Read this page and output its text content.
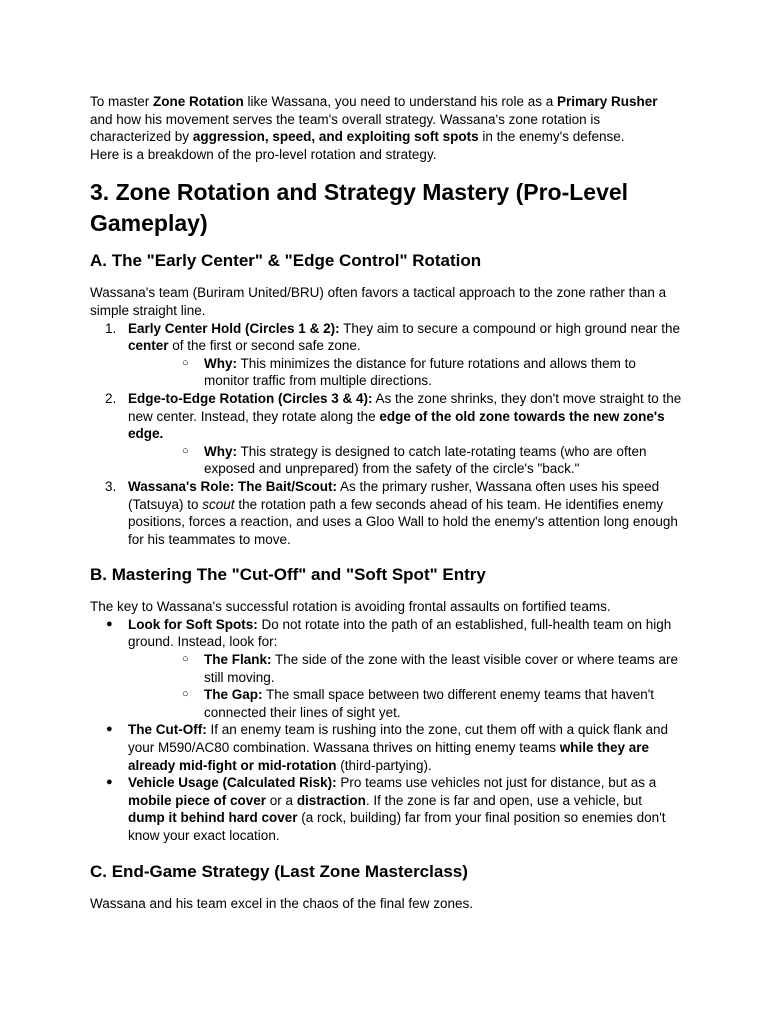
To master Zone Rotation like Wassana, you need to understand his role as a Primary Rusher and how his movement serves the team's overall strategy. Wassana's zone rotation is characterized by aggression, speed, and exploiting soft spots in the enemy's defense.
Here is a breakdown of the pro-level rotation and strategy.

3. Zone Rotation and Strategy Mastery (Pro-Level Gameplay)
A. The "Early Center" & "Edge Control" Rotation

Wassana's team (Buriram United/BRU) often favors a tactical approach to the zone rather than a simple straight line.

1. Early Center Hold (Circles 1 & 2): They aim to secure a compound or high ground near the center of the first or second safe zone.
○ Why: This minimizes the distance for future rotations and allows them to monitor traffic from multiple directions.
2. Edge-to-Edge Rotation (Circles 3 & 4): As the zone shrinks, they don't move straight to the new center. Instead, they rotate along the edge of the old zone towards the new zone's edge.
○ Why: This strategy is designed to catch late-rotating teams (who are often exposed and unprepared) from the safety of the circle's "back."
3. Wassana's Role: The Bait/Scout: As the primary rusher, Wassana often uses his speed (Tatsuya) to scout the rotation path a few seconds ahead of his team. He identifies enemy positions, forces a reaction, and uses a Gloo Wall to hold the enemy's attention long enough for his teammates to move.
B. Mastering The "Cut-Off" and "Soft Spot" Entry

The key to Wassana's successful rotation is avoiding frontal assaults on fortified teams.

● Look for Soft Spots: Do not rotate into the path of an established, full-health team on high ground. Instead, look for:
○ The Flank: The side of the zone with the least visible cover or where teams are still moving.
○ The Gap: The small space between two different enemy teams that haven't connected their lines of sight yet.
● The Cut-Off: If an enemy team is rushing into the zone, cut them off with a quick flank and your M590/AC80 combination. Wassana thrives on hitting enemy teams while they are already mid-fight or mid-rotation (third-partying).
● Vehicle Usage (Calculated Risk): Pro teams use vehicles not just for distance, but as a mobile piece of cover or a distraction. If the zone is far and open, use a vehicle, but dump it behind hard cover (a rock, building) far from your final position so enemies don't know your exact location.
C. End-Game Strategy (Last Zone Masterclass)

Wassana and his team excel in the chaos of the final few zones.
